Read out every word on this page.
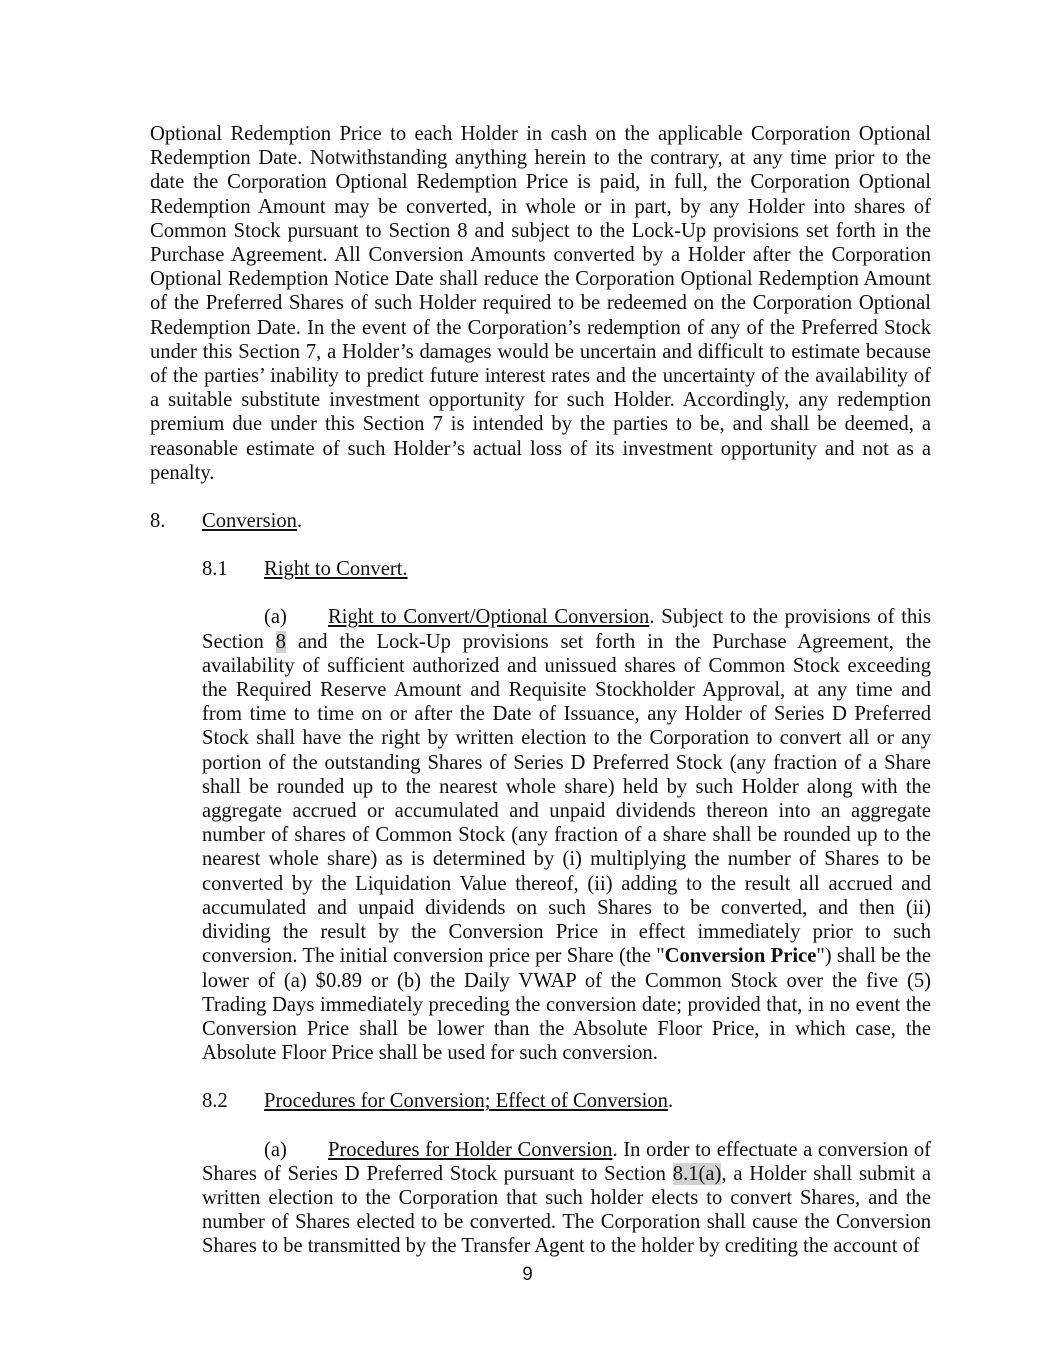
Optional Redemption Price to each Holder in cash on the applicable Corporation Optional Redemption Date. Notwithstanding anything herein to the contrary, at any time prior to the date the Corporation Optional Redemption Price is paid, in full, the Corporation Optional Redemption Amount may be converted, in whole or in part, by any Holder into shares of Common Stock pursuant to Section 8 and subject to the Lock-Up provisions set forth in the Purchase Agreement. All Conversion Amounts converted by a Holder after the Corporation Optional Redemption Notice Date shall reduce the Corporation Optional Redemption Amount of the Preferred Shares of such Holder required to be redeemed on the Corporation Optional Redemption Date. In the event of the Corporation’s redemption of any of the Preferred Stock under this Section 7, a Holder’s damages would be uncertain and difficult to estimate because of the parties’ inability to predict future interest rates and the uncertainty of the availability of a suitable substitute investment opportunity for such Holder. Accordingly, any redemption premium due under this Section 7 is intended by the parties to be, and shall be deemed, a reasonable estimate of such Holder’s actual loss of its investment opportunity and not as a penalty.

8. Conversion.

8.1 Right to Convert.

(a) Right to Convert/Optional Conversion. Subject to the provisions of this Section 8 and the Lock-Up provisions set forth in the Purchase Agreement, the availability of sufficient authorized and unissued shares of Common Stock exceeding the Required Reserve Amount and Requisite Stockholder Approval, at any time and from time to time on or after the Date of Issuance, any Holder of Series D Preferred Stock shall have the right by written election to the Corporation to convert all or any portion of the outstanding Shares of Series D Preferred Stock (any fraction of a Share shall be rounded up to the nearest whole share) held by such Holder along with the aggregate accrued or accumulated and unpaid dividends thereon into an aggregate number of shares of Common Stock (any fraction of a share shall be rounded up to the nearest whole share) as is determined by (i) multiplying the number of Shares to be converted by the Liquidation Value thereof, (ii) adding to the result all accrued and accumulated and unpaid dividends on such Shares to be converted, and then (ii) dividing the result by the Conversion Price in effect immediately prior to such conversion. The initial conversion price per Share (the "Conversion Price") shall be the lower of (a) $0.89 or (b) the Daily VWAP of the Common Stock over the five (5) Trading Days immediately preceding the conversion date; provided that, in no event the Conversion Price shall be lower than the Absolute Floor Price, in which case, the Absolute Floor Price shall be used for such conversion.

8.2 Procedures for Conversion; Effect of Conversion.

(a) Procedures for Holder Conversion. In order to effectuate a conversion of Shares of Series D Preferred Stock pursuant to Section 8.1(a), a Holder shall submit a written election to the Corporation that such holder elects to convert Shares, and the number of Shares elected to be converted. The Corporation shall cause the Conversion Shares to be transmitted by the Transfer Agent to the holder by crediting the account of

9
